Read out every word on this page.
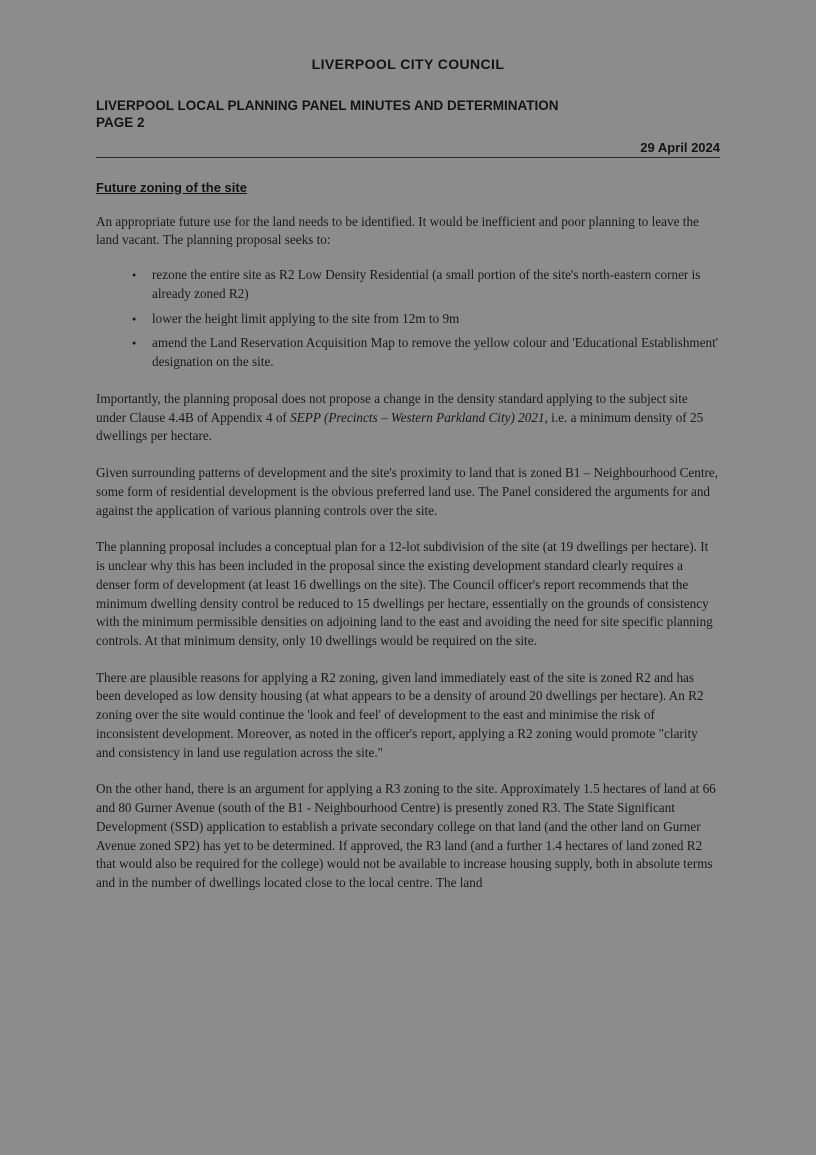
LIVERPOOL CITY COUNCIL
LIVERPOOL LOCAL PLANNING PANEL MINUTES AND DETERMINATION
PAGE 2
29 April 2024
Future zoning of the site

An appropriate future use for the land needs to be identified. It would be inefficient and poor planning to leave the land vacant. The planning proposal seeks to:

● rezone the entire site as R2 Low Density Residential (a small portion of the site's north-eastern corner is already zoned R2)
● lower the height limit applying to the site from 12m to 9m
● amend the Land Reservation Acquisition Map to remove the yellow colour and 'Educational Establishment' designation on the site.

Importantly, the planning proposal does not propose a change in the density standard applying to the subject site under Clause 4.4B of Appendix 4 of SEPP (Precincts – Western Parkland City) 2021, i.e. a minimum density of 25 dwellings per hectare.

Given surrounding patterns of development and the site's proximity to land that is zoned B1 – Neighbourhood Centre, some form of residential development is the obvious preferred land use. The Panel considered the arguments for and against the application of various planning controls over the site.

The planning proposal includes a conceptual plan for a 12-lot subdivision of the site (at 19 dwellings per hectare). It is unclear why this has been included in the proposal since the existing development standard clearly requires a denser form of development (at least 16 dwellings on the site). The Council officer's report recommends that the minimum dwelling density control be reduced to 15 dwellings per hectare, essentially on the grounds of consistency with the minimum permissible densities on adjoining land to the east and avoiding the need for site specific planning controls. At that minimum density, only 10 dwellings would be required on the site.

There are plausible reasons for applying a R2 zoning, given land immediately east of the site is zoned R2 and has been developed as low density housing (at what appears to be a density of around 20 dwellings per hectare). An R2 zoning over the site would continue the 'look and feel' of development to the east and minimise the risk of inconsistent development. Moreover, as noted in the officer's report, applying a R2 zoning would promote "clarity and consistency in land use regulation across the site."

On the other hand, there is an argument for applying a R3 zoning to the site. Approximately 1.5 hectares of land at 66 and 80 Gurner Avenue (south of the B1 - Neighbourhood Centre) is presently zoned R3. The State Significant Development (SSD) application to establish a private secondary college on that land (and the other land on Gurner Avenue zoned SP2) has yet to be determined. If approved, the R3 land (and a further 1.4 hectares of land zoned R2 that would also be required for the college) would not be available to increase housing supply, both in absolute terms and in the number of dwellings located close to the local centre. The land
